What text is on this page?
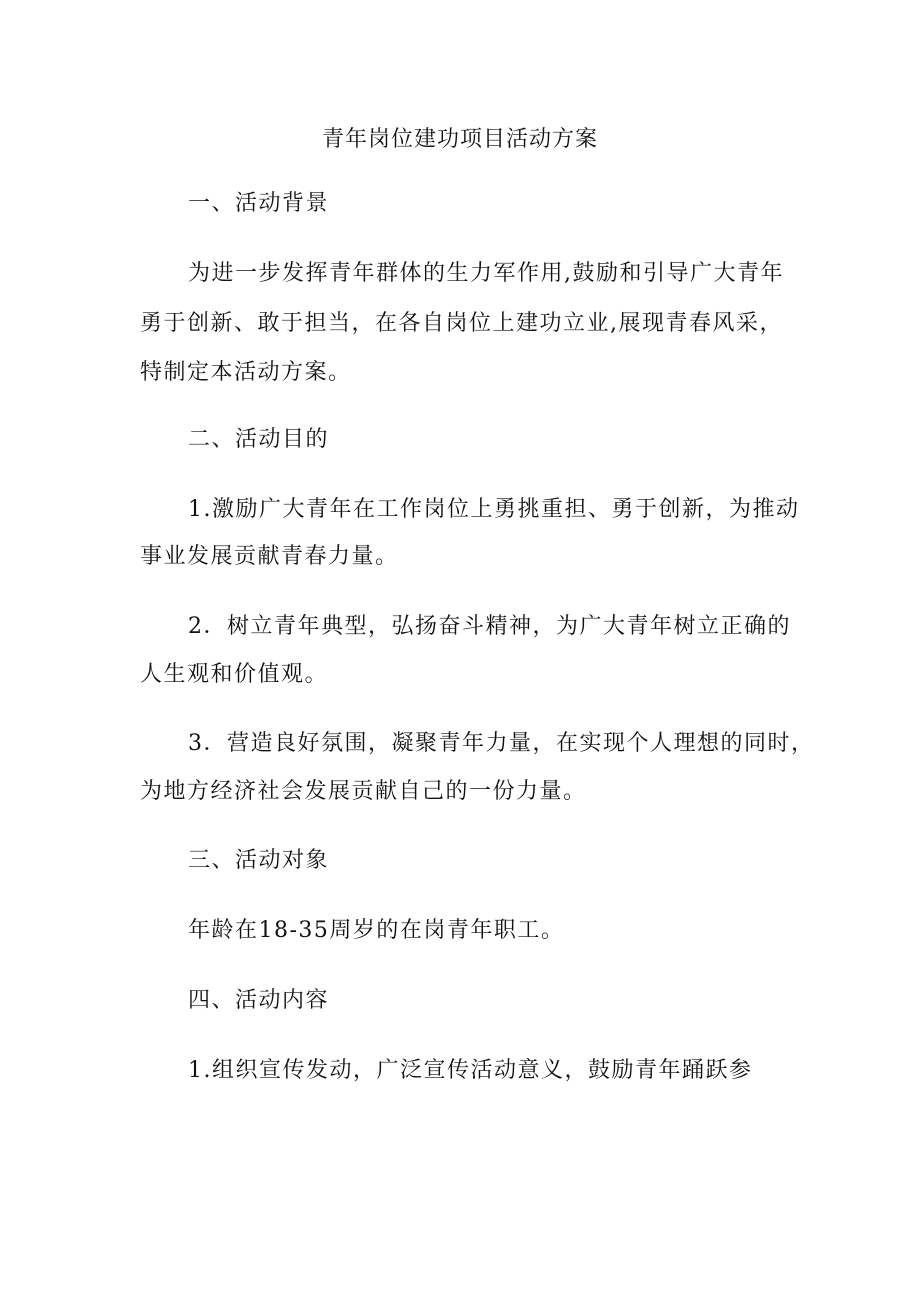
青年岗位建功项目活动方案
一、活动背景
为进一步发挥青年群体的生力军作用,鼓励和引导广大青年
勇于创新、敢于担当，在各自岗位上建功立业,展现青春风采，
特制定本活动方案。
二、活动目的
1.激励广大青年在工作岗位上勇挑重担、勇于创新，为推动
事业发展贡献青春力量。
2．树立青年典型，弘扬奋斗精神，为广大青年树立正确的
人生观和价值观。
3．营造良好氛围，凝聚青年力量，在实现个人理想的同时，
为地方经济社会发展贡献自己的一份力量。
三、活动对象
年龄在18-35周岁的在岗青年职工。
四、活动内容
1.组织宣传发动，广泛宣传活动意义，鼓励青年踊跃参
